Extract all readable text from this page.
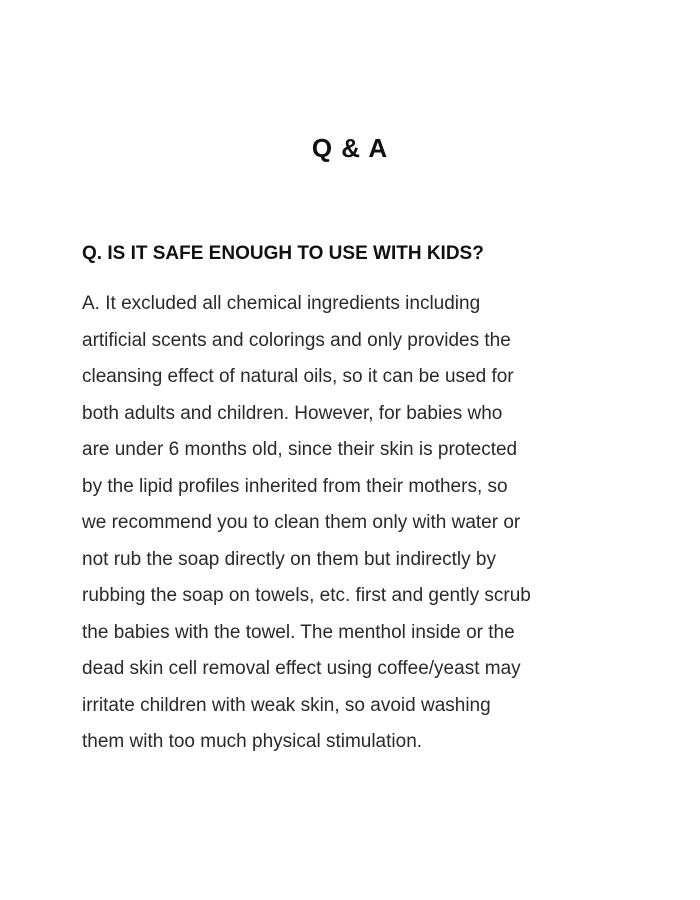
Q & A
Q. IS IT SAFE ENOUGH TO USE WITH KIDS?

A. It excluded all chemical ingredients including
artificial scents and colorings and only provides the
cleansing effect of natural oils, so it can be used for
both adults and children. However, for babies who
are under 6 months old, since their skin is protected
by the lipid profiles inherited from their mothers, so
we recommend you to clean them only with water or
not rub the soap directly on them but indirectly by
rubbing the soap on towels, etc. first and gently scrub
the babies with the towel. The menthol inside or the
dead skin cell removal effect using coffee/yeast may
irritate children with weak skin, so avoid washing
them with too much physical stimulation.
